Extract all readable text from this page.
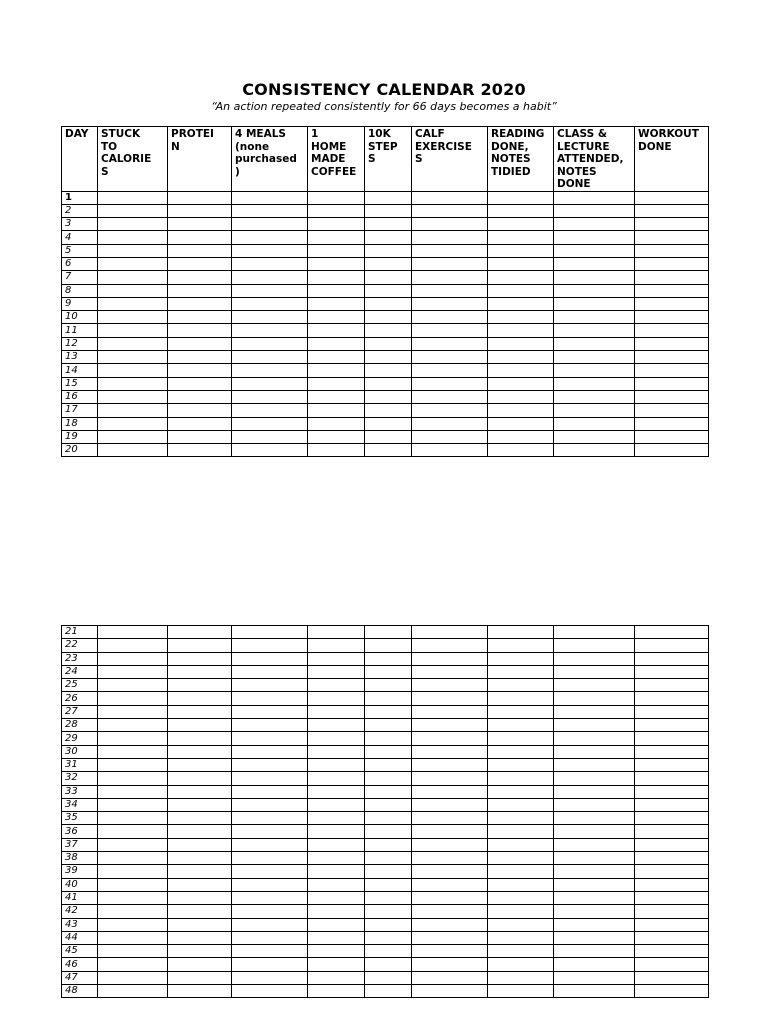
CONSISTENCY CALENDAR 2020
“An action repeated consistently for 66 days becomes a habit”
DAY	STUCK
TO
CALORIE
S	PROTEI
N	4 MEALS
(none
purchased
)	1
HOME
MADE
COFFEE	10K
STEP
S	CALF
EXERCISE
S	READING
DONE,
NOTES
TIDIED	CLASS &
LECTURE
ATTENDED,
NOTES
DONE	WORKOUT
DONE
1									
2									
3									
4									
5									
6									
7									
8									
9									
10									
11									
12									
13									
14									
15									
16									
17									
18									
19									
20									
21									
22									
23									
24									
25									
26									
27									
28									
29									
30									
31									
32									
33									
34									
35									
36									
37									
38									
39									
40									
41									
42									
43									
44									
45									
46									
47									
48									
